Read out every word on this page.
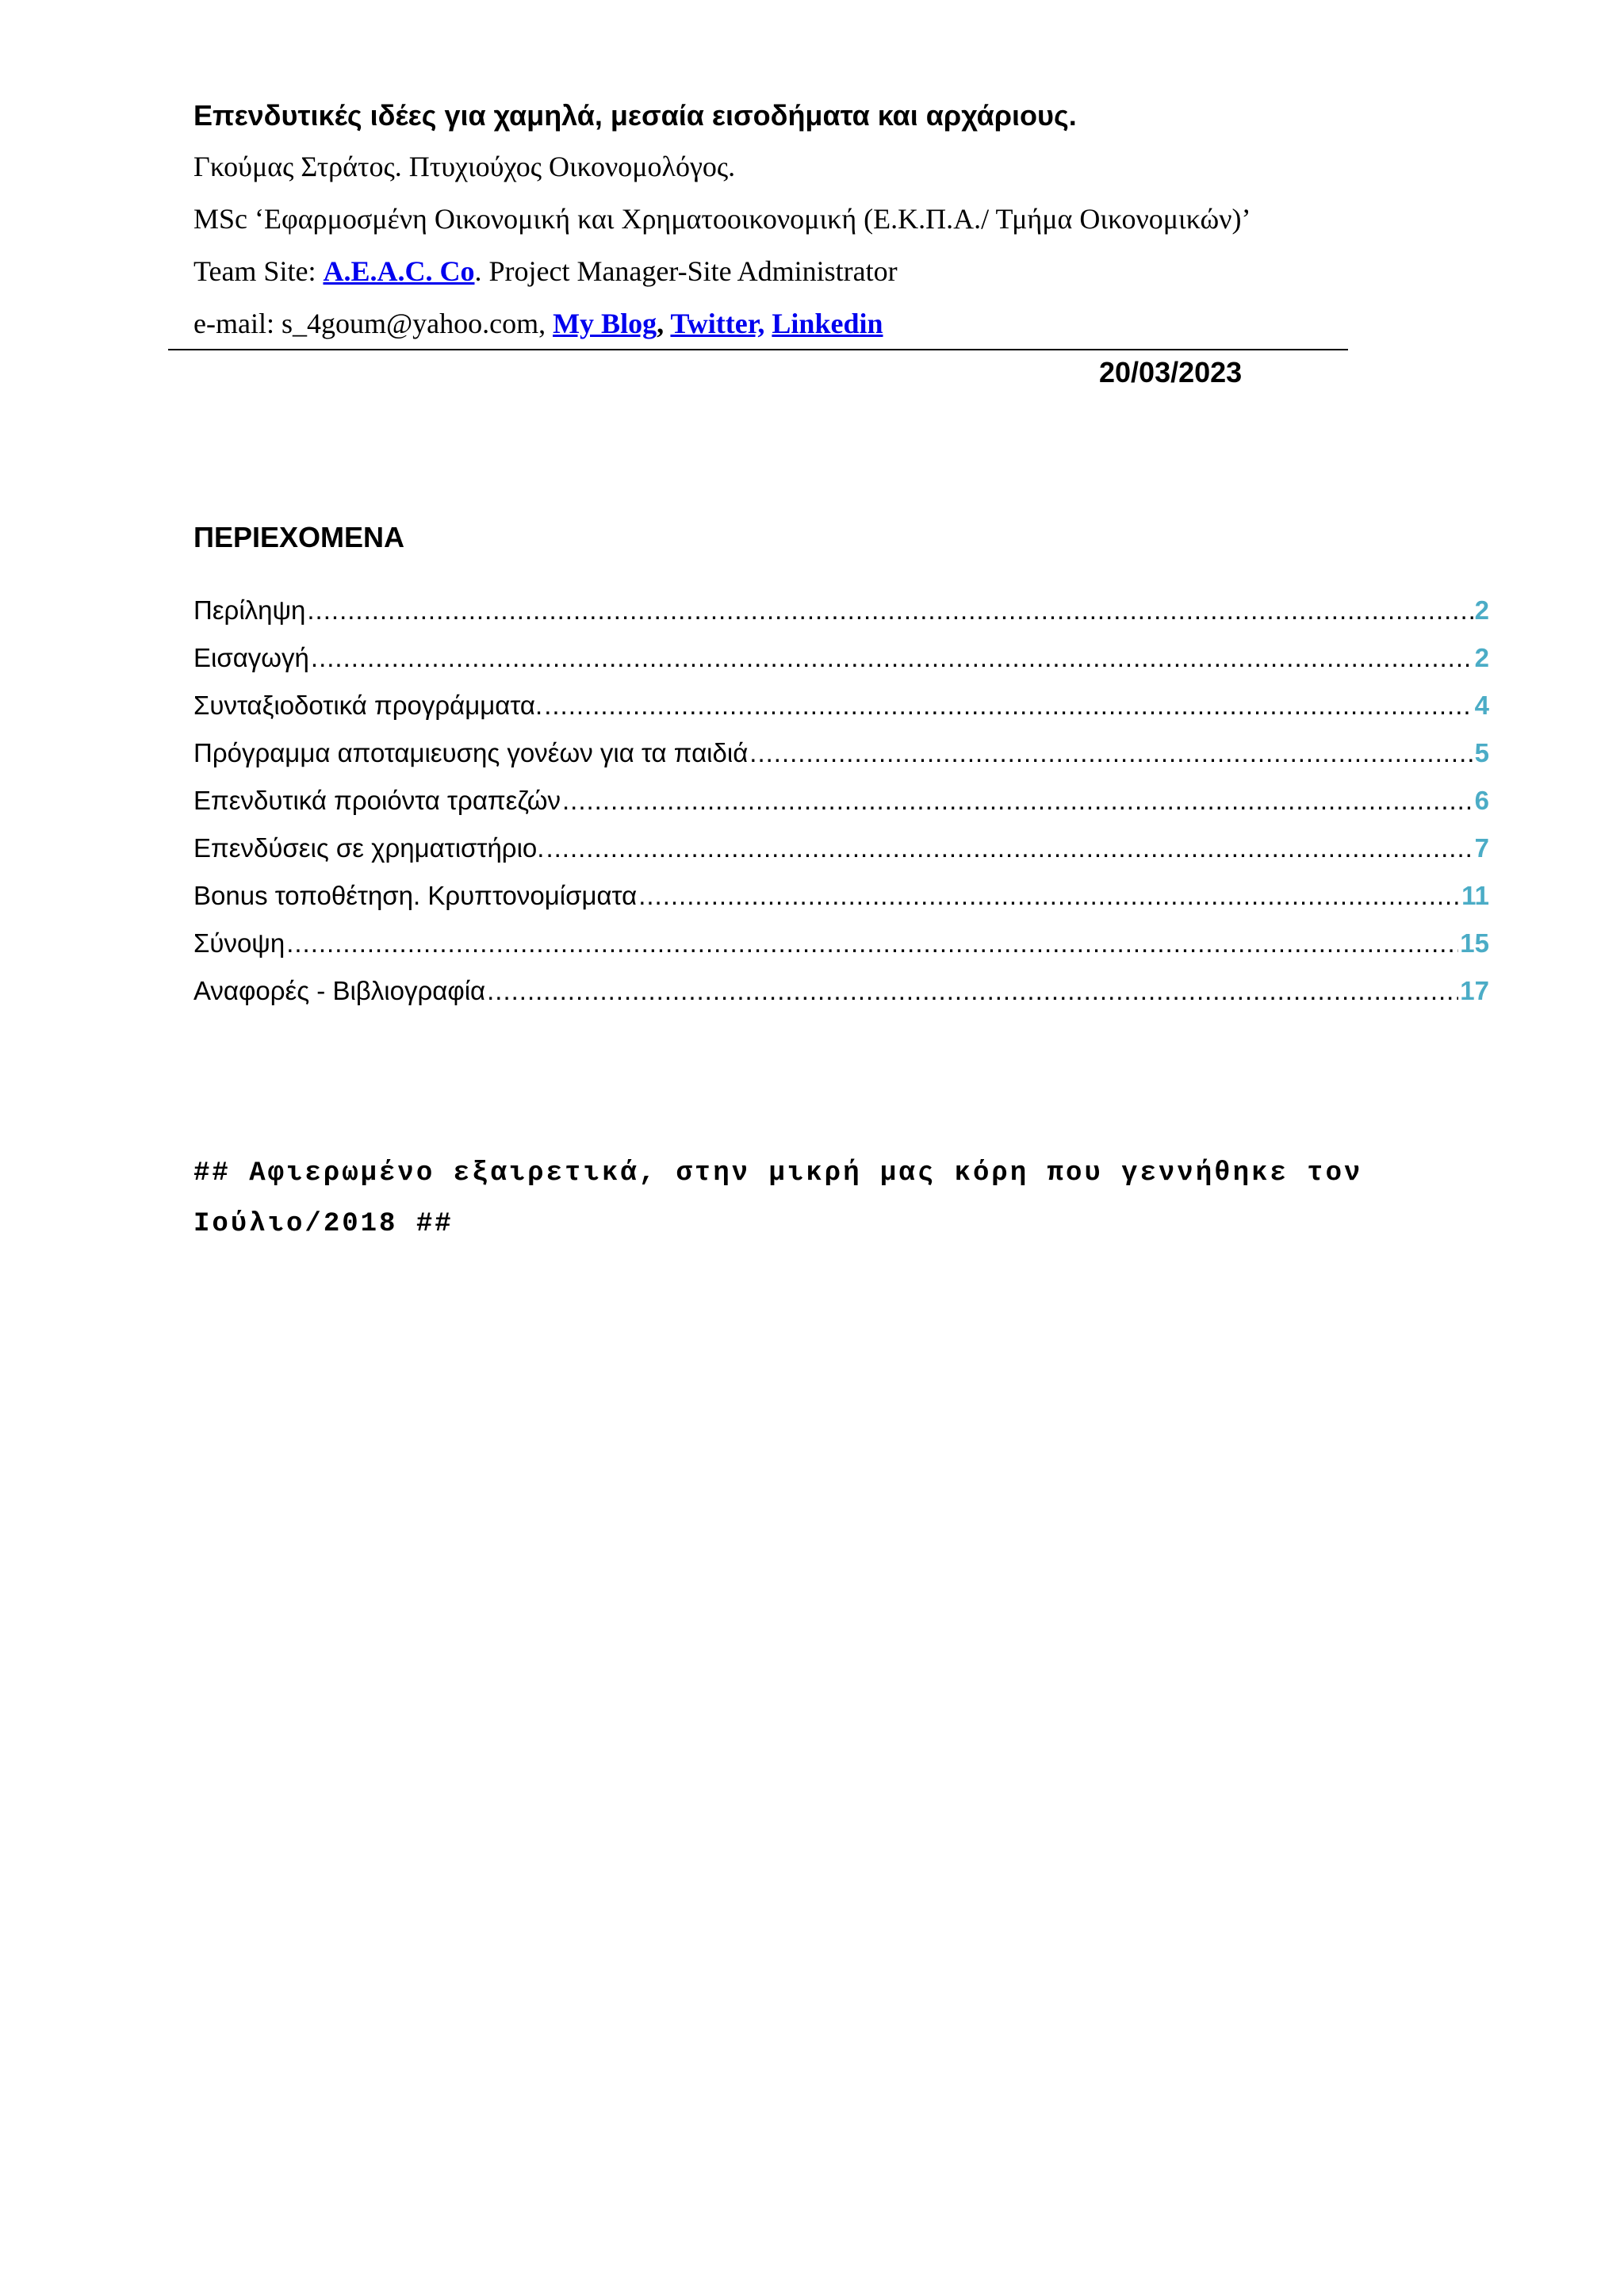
Επενδυτικές ιδέες για χαμηλά, μεσαία εισοδήματα και αρχάριους.
Γκούμας Στράτος. Πτυχιούχος Οικονομολόγος.
MSc ‘Εφαρμοσμένη Οικονομική και Χρηματοοικονομική (Ε.Κ.Π.Α./ Τμήμα Οικονομικών)’
Team Site: A.E.A.C. Co. Project Manager-Site Administrator
e-mail: s_4goum@yahoo.com, My Blog, Twitter, Linkedin
20/03/2023
ΠΕΡΙΕΧΟΜΕΝΑ
Περίληψη .....	2
Εισαγωγή .....	2
Συνταξιοδοτικά προγράμματα. .....	4
Πρόγραμμα αποταμιευσης γονέων για τα παιδιά .....	5
Επενδυτικά προιόντα τραπεζών .....	6
Επενδύσεις σε χρηματιστήριο. .....	7
Bonus τοποθέτηση. Κρυπτονομίσματα .....	11
Σύνοψη .....	15
Αναφορές - Βιβλιογραφία .....	17
## Αφιερωμένο εξαιρετικά, στην μικρή μας κόρη που γεννήθηκε τον
Ιούλιο/2018 ##
